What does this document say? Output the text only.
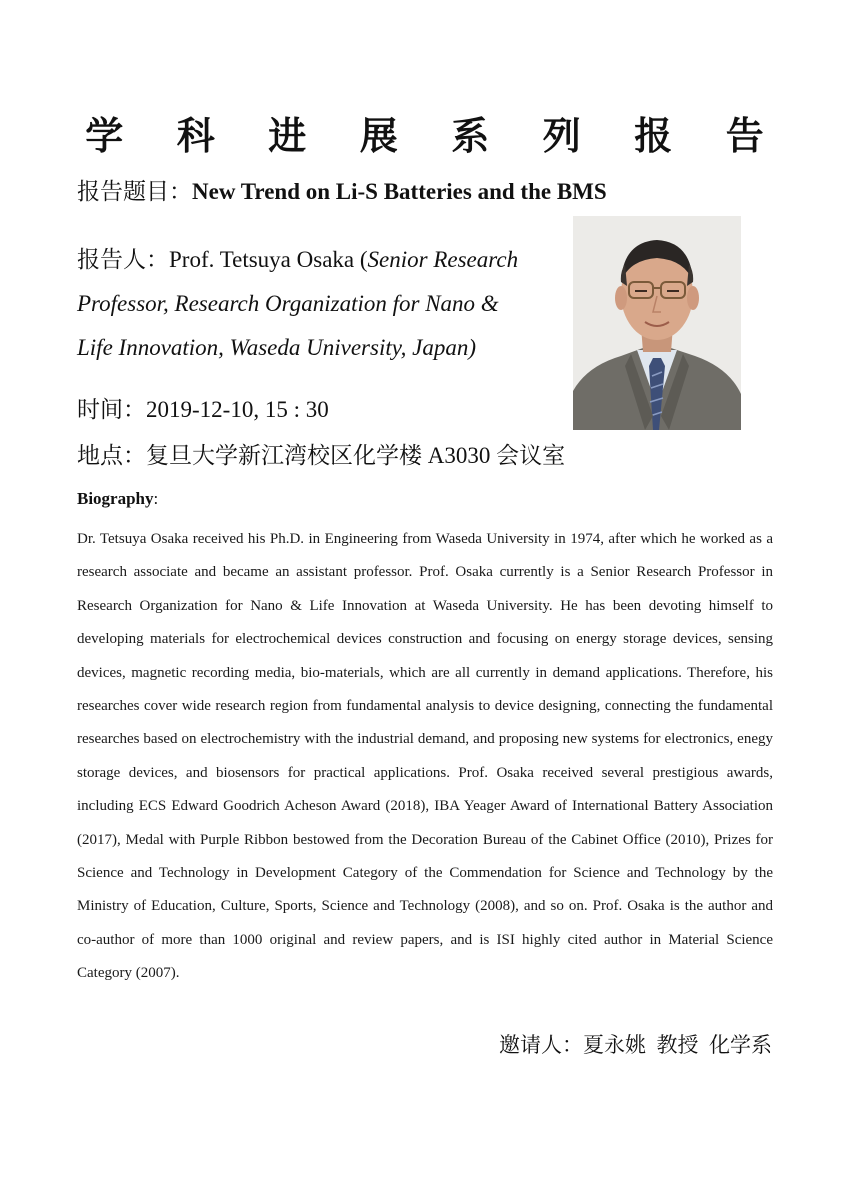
学 科 进 展 系 列 报 告
报告题目：New Trend on Li-S Batteries and the BMS
报告人：Prof. Tetsuya Osaka (Senior Research
Professor, Research Organization for Nano &
Life Innovation, Waseda University, Japan)
时间：2019-12-10, 15 : 30
地点：复旦大学新江湾校区化学楼 A3030 会议室
Biography:
Dr. Tetsuya Osaka received his Ph.D. in Engineering from Waseda University in 1974, after which he worked as a research associate and became an assistant professor. Prof. Osaka currently is a Senior Research Professor in Research Organization for Nano & Life Innovation at Waseda University. He has been devoting himself to developing materials for electrochemical devices construction and focusing on energy storage devices, sensing devices, magnetic recording media, bio-materials, which are all currently in demand applications. Therefore, his researches cover wide research region from fundamental analysis to device designing, connecting the fundamental researches based on electrochemistry with the industrial demand, and proposing new systems for electronics, enegy storage devices, and biosensors for practical applications. Prof. Osaka received several prestigious awards, including ECS Edward Goodrich Acheson Award (2018), IBA Yeager Award of International Battery Association (2017), Medal with Purple Ribbon bestowed from the Decoration Bureau of the Cabinet Office (2010), Prizes for Science and Technology in Development Category of the Commendation for Science and Technology by the Ministry of Education, Culture, Sports, Science and Technology (2008), and so on. Prof. Osaka is the author and co-author of more than 1000 original and review papers, and is ISI highly cited author in Material Science Category (2007).
邀请人：夏永姚  教授  化学系
